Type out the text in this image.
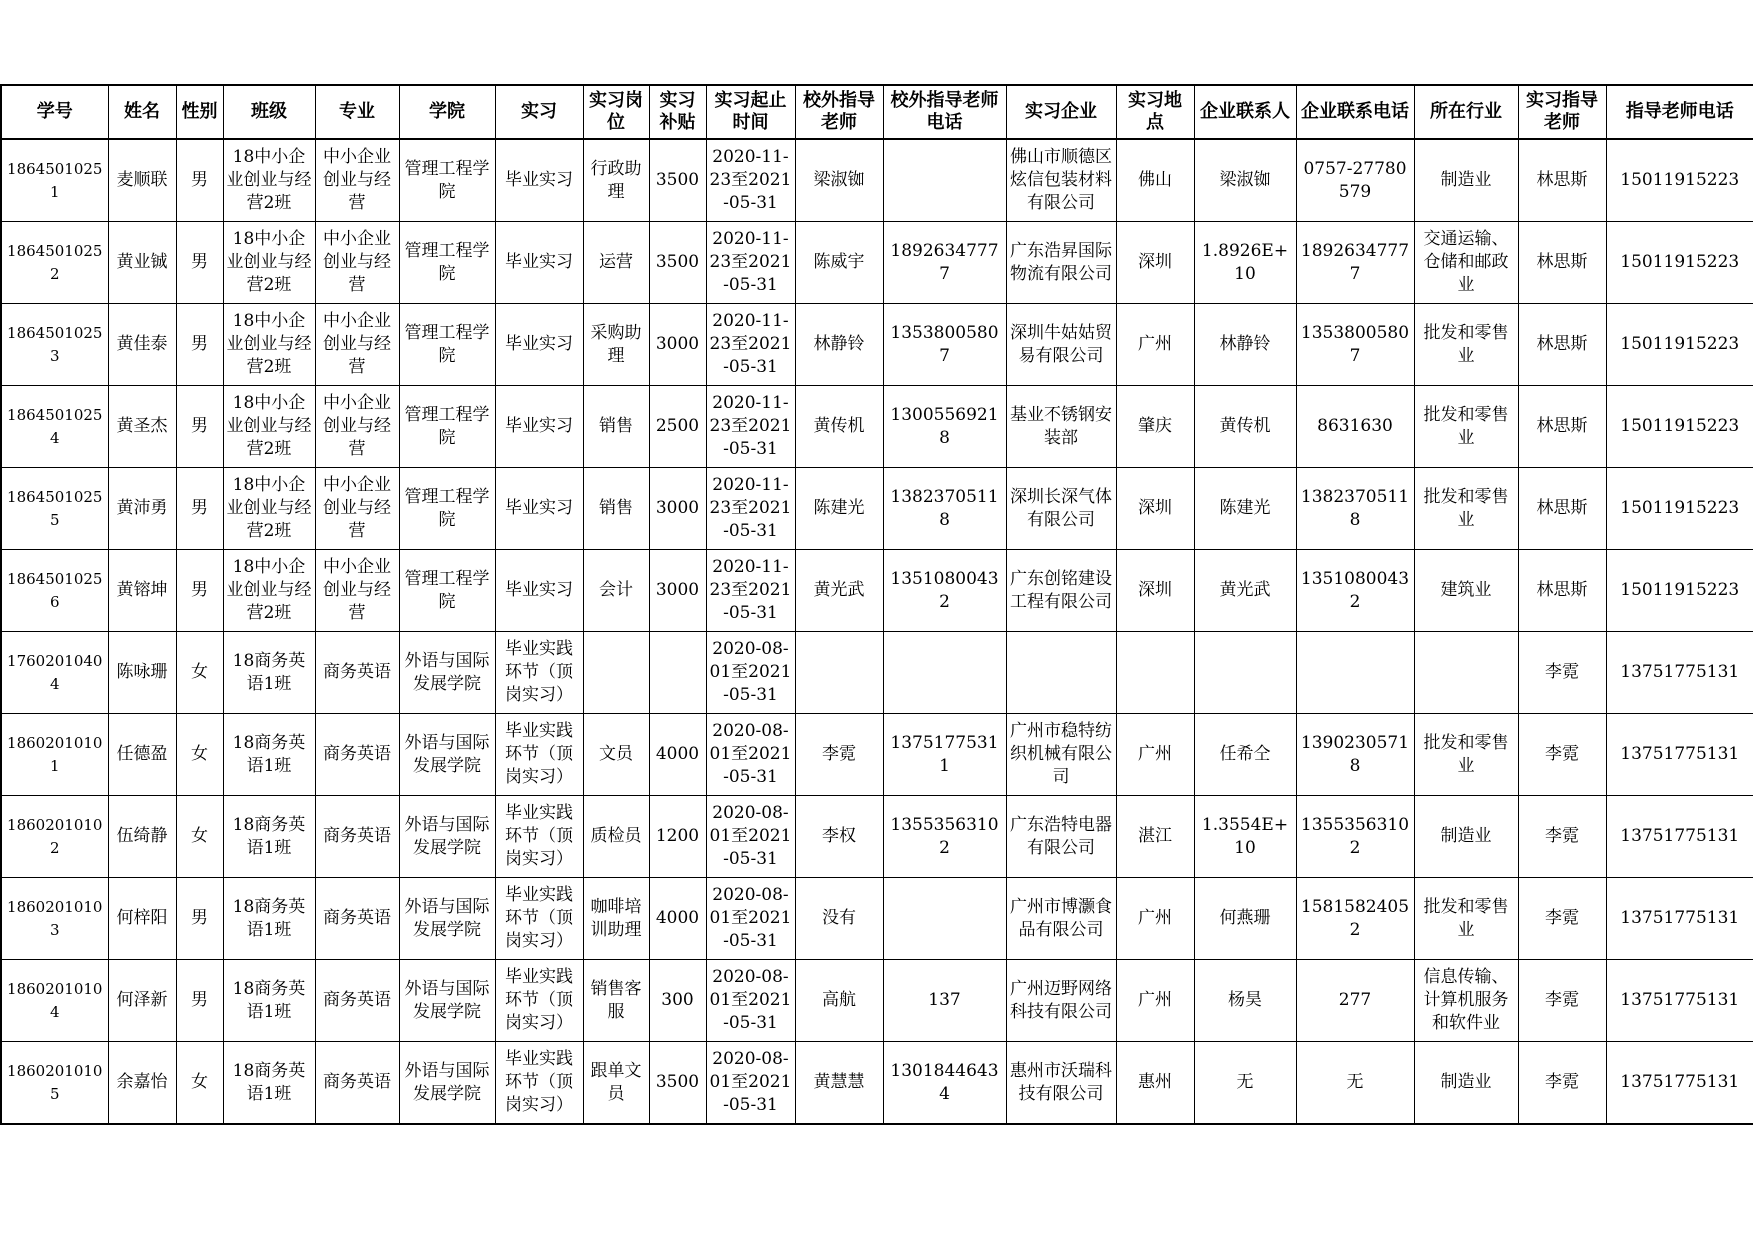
学号	姓名	性别	班级	专业	学院	实习	实习岗位	实习补贴	实习起止时间	校外指导老师	校外指导老师电话	实习企业	实习地点	企业联系人	企业联系电话	所在行业	实习指导老师	指导老师电话

18645010251	麦顺联	男	18中小企业创业与经营2班	中小企业创业与经营	管理工程学院	毕业实习	行政助理	3500	2020-11-23至2021-05-31	梁淑铷		佛山市顺德区炫信包装材料有限公司	佛山	梁淑铷	0757-27780579	制造业	林思斯	15011915223

18645010252	黄业铖	男	18中小企业创业与经营2班	中小企业创业与经营	管理工程学院	毕业实习	运营	3500	2020-11-23至2021-05-31	陈威宇	18926347777	广东浩昇国际物流有限公司	深圳	1.8926E+10	18926347777	交通运输、仓储和邮政业	林思斯	15011915223

18645010253	黄佳泰	男	18中小企业创业与经营2班	中小企业创业与经营	管理工程学院	毕业实习	采购助理	3000	2020-11-23至2021-05-31	林静铃	13538005807	深圳牛姑姑贸易有限公司	广州	林静铃	13538005807	批发和零售业	林思斯	15011915223

18645010254	黄圣杰	男	18中小企业创业与经营2班	中小企业创业与经营	管理工程学院	毕业实习	销售	2500	2020-11-23至2021-05-31	黄传机	13005569218	基业不锈钢安装部	肇庆	黄传机	8631630	批发和零售业	林思斯	15011915223

18645010255	黄沛勇	男	18中小企业创业与经营2班	中小企业创业与经营	管理工程学院	毕业实习	销售	3000	2020-11-23至2021-05-31	陈建光	13823705118	深圳长深气体有限公司	深圳	陈建光	13823705118	批发和零售业	林思斯	15011915223

18645010256	黄镕坤	男	18中小企业创业与经营2班	中小企业创业与经营	管理工程学院	毕业实习	会计	3000	2020-11-23至2021-05-31	黄光武	13510800432	广东创铭建设工程有限公司	深圳	黄光武	13510800432	建筑业	林思斯	15011915223

17602010404	陈咏珊	女	18商务英语1班	商务英语	外语与国际发展学院	毕业实践环节（顶岗实习）			2020-08-01至2021-05-31								李霓	13751775131

18602010101	任德盈	女	18商务英语1班	商务英语	外语与国际发展学院	毕业实践环节（顶岗实习）	文员	4000	2020-08-01至2021-05-31	李霓	13751775311	广州市稳特纺织机械有限公司	广州	任希仝	13902305718	批发和零售业	李霓	13751775131

18602010102	伍绮静	女	18商务英语1班	商务英语	外语与国际发展学院	毕业实践环节（顶岗实习）	质检员	1200	2020-08-01至2021-05-31	李权	13553563102	广东浩特电器有限公司	湛江	1.3554E+10	13553563102	制造业	李霓	13751775131

18602010103	何梓阳	男	18商务英语1班	商务英语	外语与国际发展学院	毕业实践环节（顶岗实习）	咖啡培训助理	4000	2020-08-01至2021-05-31	没有		广州市博灏食品有限公司	广州	何燕珊	15815824052	批发和零售业	李霓	13751775131

18602010104	何泽新	男	18商务英语1班	商务英语	外语与国际发展学院	毕业实践环节（顶岗实习）	销售客服	300	2020-08-01至2021-05-31	高航	137	广州迈野网络科技有限公司	广州	杨昊	277	信息传输、计算机服务和软件业	李霓	13751775131

18602010105	余嘉怡	女	18商务英语1班	商务英语	外语与国际发展学院	毕业实践环节（顶岗实习）	跟单文员	3500	2020-08-01至2021-05-31	黄慧慧	13018446434	惠州市沃瑞科技有限公司	惠州	无	无	制造业	李霓	13751775131
